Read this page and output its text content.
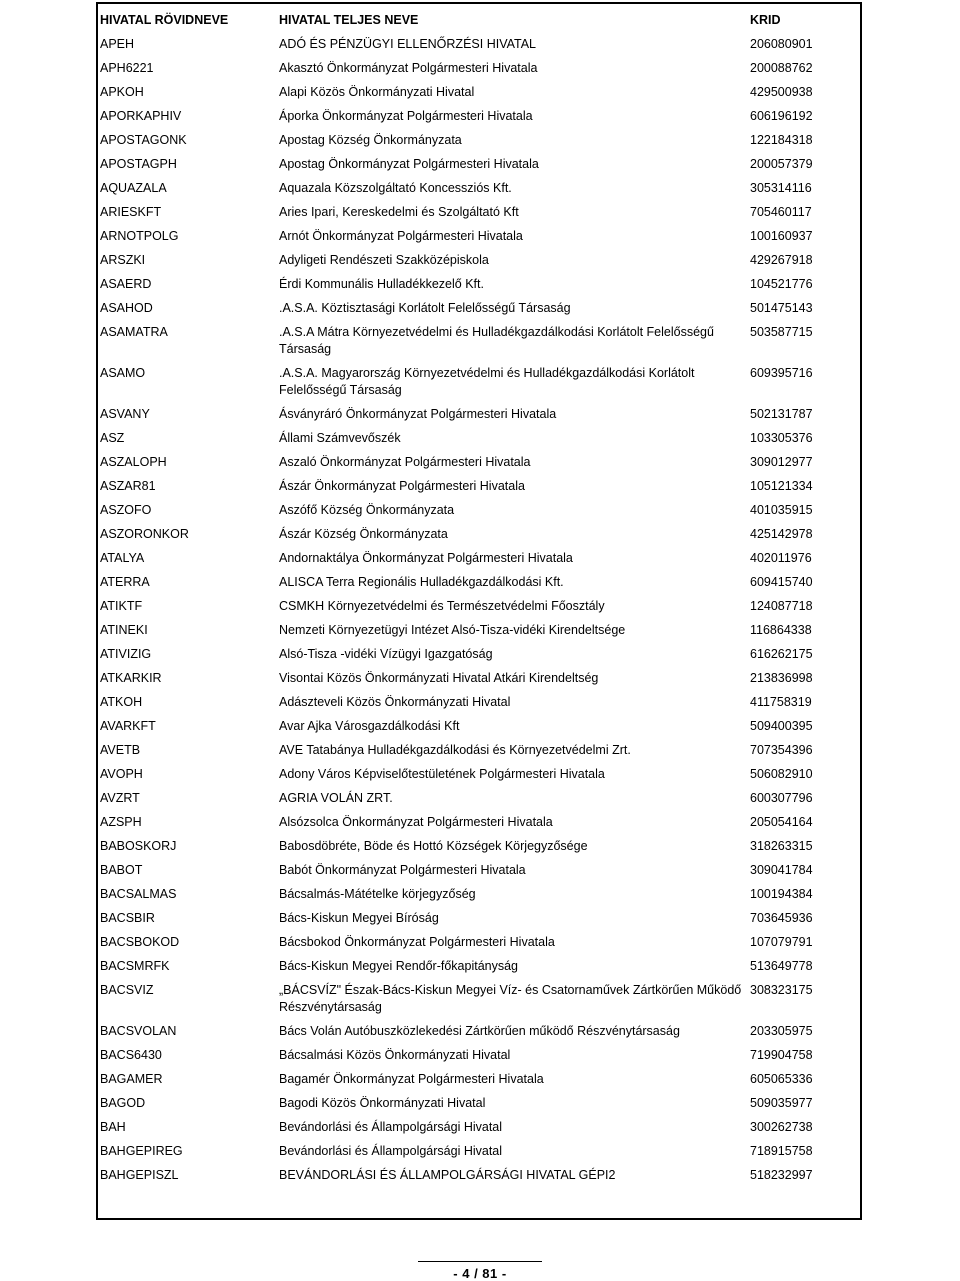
HIVATAL RÖVIDNEVE	HIVATAL TELJES NEVE	KRID
APEH	ADÓ ÉS PÉNZÜGYI ELLENŐRZÉSI HIVATAL	206080901
APH6221	Akasztó Önkormányzat Polgármesteri Hivatala	200088762
APKOH	Alapi Közös Önkormányzati Hivatal	429500938
APORKAPHIV	Áporka Önkormányzat Polgármesteri Hivatala	606196192
APOSTAGONK	Apostag Község Önkormányzata	122184318
APOSTAGPH	Apostag Önkormányzat Polgármesteri Hivatala	200057379
AQUAZALA	Aquazala Közszolgáltató Koncessziós Kft.	305314116
ARIESKFT	Aries Ipari, Kereskedelmi és Szolgáltató Kft	705460117
ARNOTPOLG	Arnót Önkormányzat Polgármesteri Hivatala	100160937
ARSZKI	Adyligeti Rendészeti Szakközépiskola	429267918
ASAERD	Érdi Kommunális Hulladékkezelő Kft.	104521776
ASAHOD	.A.S.A. Köztisztasági Korlátolt Felelősségű Társaság	501475143
ASAMATRA	.A.S.A Mátra Környezetvédelmi és Hulladékgazdálkodási Korlátolt Felelősségű Társaság	503587715
ASAMO	.A.S.A. Magyarország Környezetvédelmi és Hulladékgazdálkodási Korlátolt Felelősségű Társaság	609395716
ASVANY	Ásványráró Önkormányzat Polgármesteri Hivatala	502131787
ASZ	Állami Számvevőszék	103305376
ASZALOPH	Aszaló Önkormányzat Polgármesteri Hivatala	309012977
ASZAR81	Ászár Önkormányzat Polgármesteri Hivatala	105121334
ASZOFO	Aszófő Község Önkormányzata	401035915
ASZORONKOR	Ászár Község Önkormányzata	425142978
ATALYA	Andornaktálya Önkormányzat Polgármesteri Hivatala	402011976
ATERRA	ALISCA Terra Regionális Hulladékgazdálkodási Kft.	609415740
ATIKTF	CSMKH Környezetvédelmi és Természetvédelmi Főosztály	124087718
ATINEKI	Nemzeti Környezetügyi Intézet Alsó-Tisza-vidéki Kirendeltsége	116864338
ATIVIZIG	Alsó-Tisza -vidéki Vízügyi Igazgatóság	616262175
ATKARKIR	Visontai Közös Önkormányzati Hivatal Atkári Kirendeltség	213836998
ATKOH	Adásztevеli Közös Önkormányzati Hivatal	411758319
AVARKFT	Avar Ajka Városgazdálkodási Kft	509400395
AVETB	AVE Tatabánya Hulladékgazdálkodási és Környezetvédelmi Zrt.	707354396
AVOPH	Adony Város Képviselőtestületének Polgármesteri Hivatala	506082910
AVZRT	AGRIA VOLÁN ZRT.	600307796
AZSPH	Alsózsolca Önkormányzat Polgármesteri Hivatala	205054164
BABOSKORJ	Babosdöbréte, Böde és Hottó Községek Körjegyzősége	318263315
BABOT	Babót Önkormányzat Polgármesteri Hivatala	309041784
BACSALMAS	Bácsalmás-Mátételke körjegyzőség	100194384
BACSBIR	Bács-Kiskun Megyei Bíróság	703645936
BACSBOKOD	Bácsbokod Önkormányzat Polgármesteri Hivatala	107079791
BACSMRFK	Bács-Kiskun Megyei Rendőr-főkapitányság	513649778
BACSVIZ	„BÁCSVÍZ" Észak-Bács-Kiskun Megyei Víz- és Csatornaművek Zártkörűen Működő Részvénytársaság	308323175
BACSVOLAN	Bács Volán Autóbuszközlekedési Zártkörűen működő Részvénytársaság	203305975
BACS6430	Bácsalmási Közös Önkormányzati Hivatal	719904758
BAGAMER	Bagamér Önkormányzat Polgármesteri Hivatala	605065336
BAGOD	Bagodi Közös Önkormányzati Hivatal	509035977
BAH	Bevándorlási és Állampolgársági Hivatal	300262738
BAHGEPIREG	Bevándorlási és Állampolgársági Hivatal	718915758
BAHGEPISZL	BEVÁNDORLÁSI ÉS ÁLLAMPOLGÁRSÁGI HIVATAL GÉPI2	518232997
- 4 / 81 -
